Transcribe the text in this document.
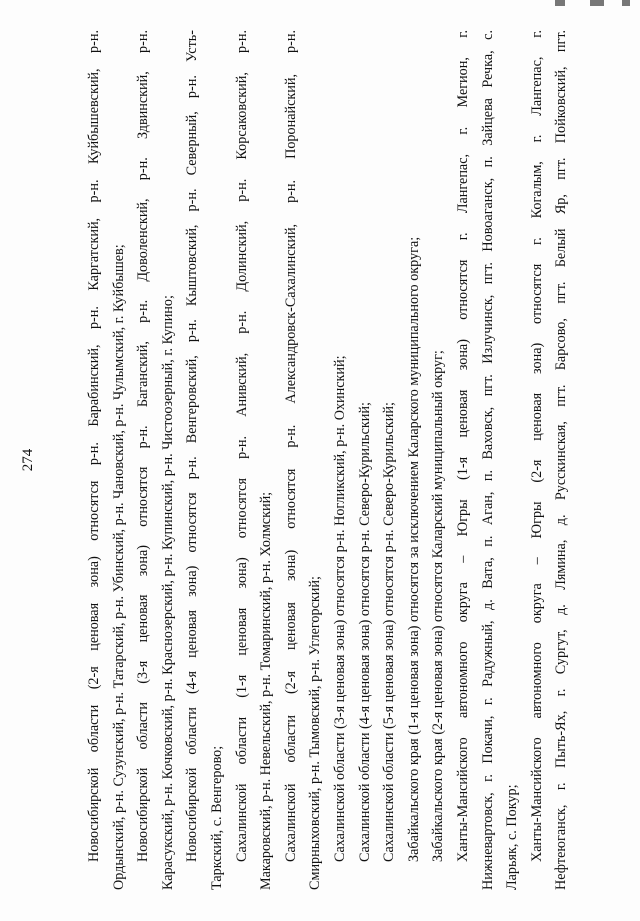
274	Новосибирской области (2-я ценовая зона) относятся р-н. Барабинский, р-н. Каргатский, р-н. Куйбышевский, р-н. Ордынский, р-н. Сузунский, р-н. Татарский, р-н. Убинский, р-н. Чановский, р-н. Чулымский, г. Куйбышев; Новосибирской области (3-я ценовая зона) относятся р-н. Баганский, р-н. Доволенский, р-н. Здвинский, р-н. Карасукский, р-н. Кочковский, р-н. Краснозерский, р-н. Купинский, р-н. Чистоозерный, г. Купино; Новосибирской области (4-я ценовая зона) относятся р-н. Венгеровский, р-н. Кыштовский, р-н. Северный, р-н. Усть- Таркский, с. Венгерово; Сахалинской области (1-я ценовая зона) относятся р-н. Анивский, р-н. Долинский, р-н. Корсаковский, р-н. Макаровский, р-н. Невельский, р-н. Томаринский, р-н. Холмский; Сахалинской области (2-я ценовая зона) относятся р-н. Александровск-Сахалинский, р-н. Поронайский, р-н. Смирныховский, р-н. Тымовский, р-н. Углегорский; Сахалинской области (3-я ценовая зона) относятся р-н. Ногликский, р-н. Охинский; Сахалинской области (4-я ценовая зона) относятся р-н. Северо-Курильский; Сахалинской области (5-я ценовая зона) относятся р-н. Северо-Курильский; Забайкальского края (1-я ценовая зона) относятся за исключением Каларского муниципального округа; Забайкальского края (2-я ценовая зона) относятся Каларский муниципальный округ; Ханты-Мансийского автономного округа – Югры (1-я ценовая зона) относятся г. Лангепас, г. Мегион, г. Нижневартовск, г. Покачи, г. Радужный, д. Вата, п. Аган, п. Ваховск, пгт. Излучинск, пгт. Новоаганск, п. Зайцева Речка, с. Ларьяк, с. Покур; Ханты-Мансийского автономного округа – Югры (2-я ценовая зона) относятся г. Когалым, г. Лангепас, г. Нефтеюганск, г. Пыть-Ях, г. Сургут, д. Лямина, д. Русскинская, пгт. Барсово, пгт. Белый Яр, пгт. Пойковский, пгт.
